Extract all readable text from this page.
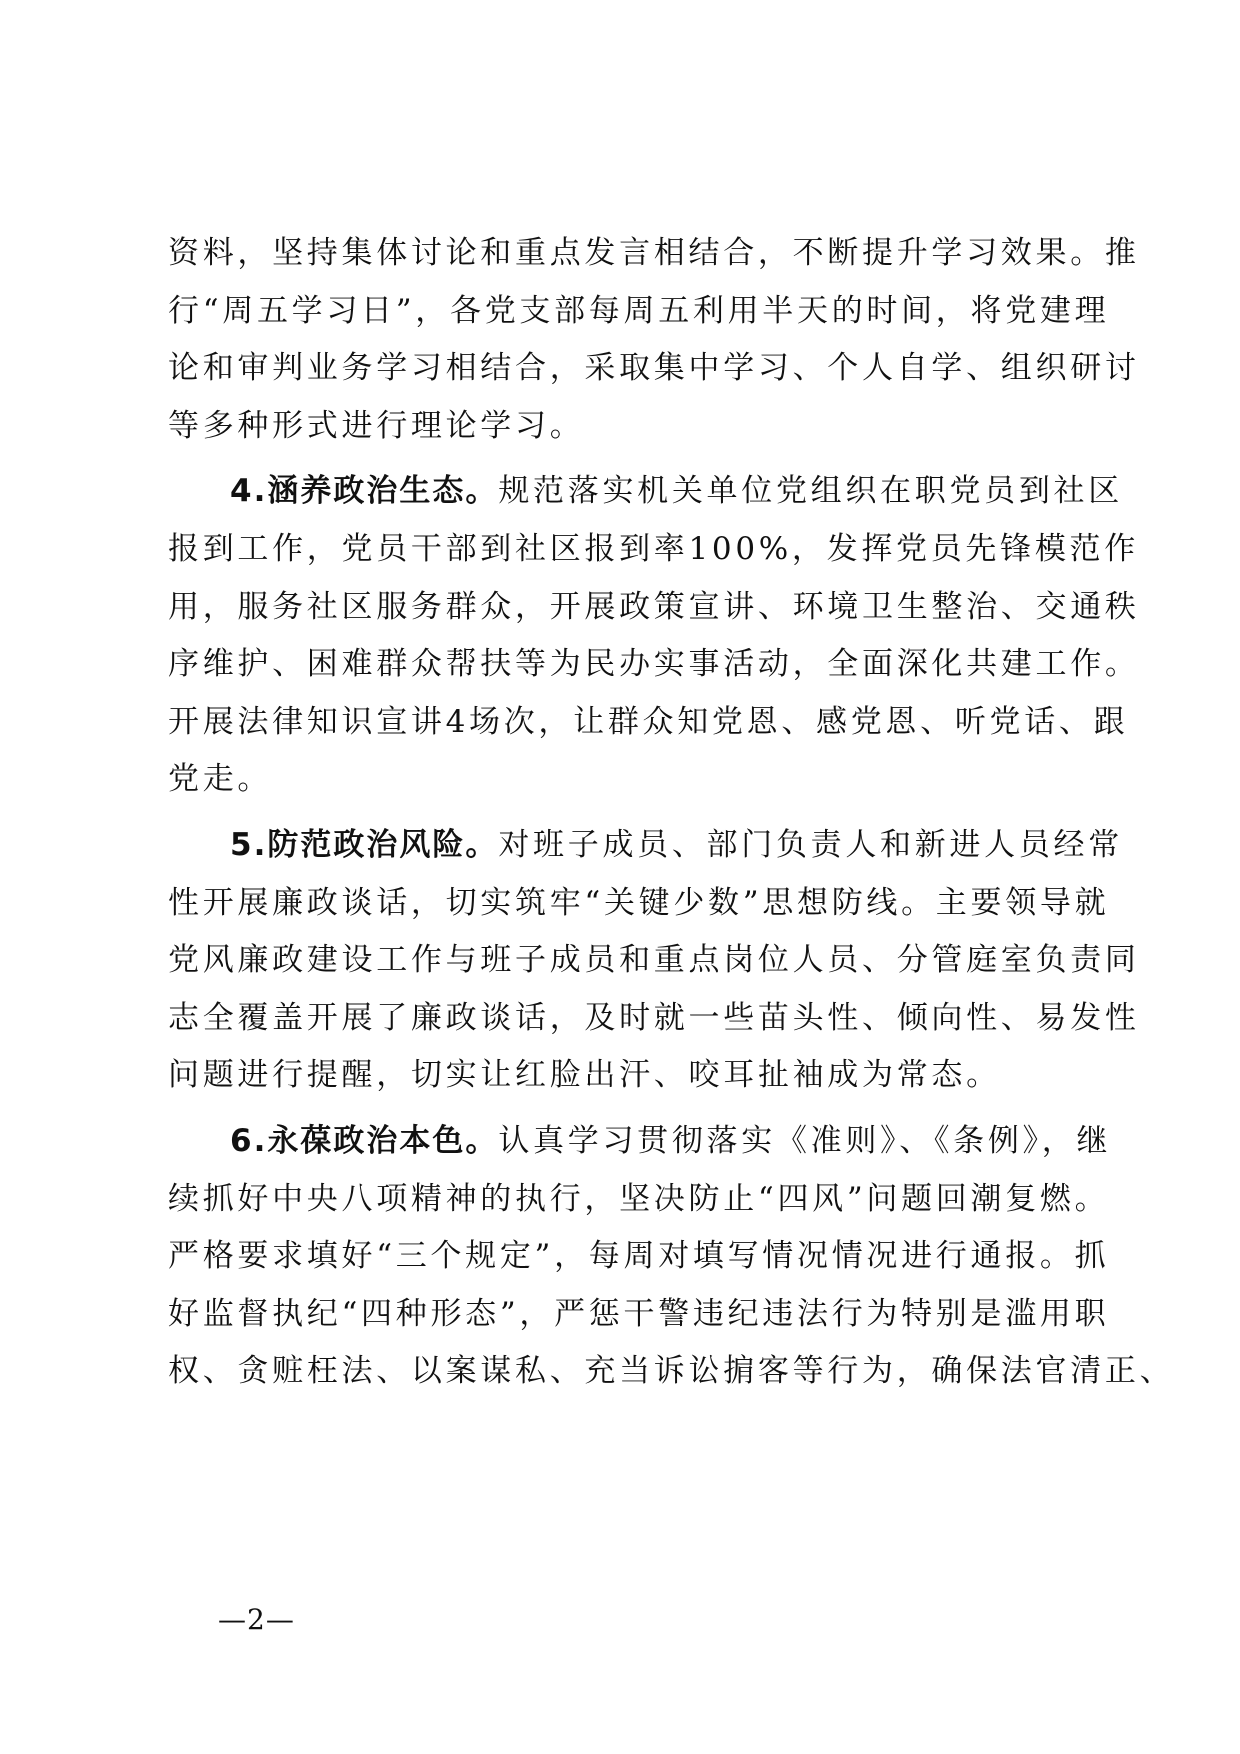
资料，坚持集体讨论和重点发言相结合，不断提升学习效果。推
行“周五学习日”，各党支部每周五利用半天的时间，将党建理
论和审判业务学习相结合，采取集中学习、个人自学、组织研讨
等多种形式进行理论学习。
4.涵养政治生态。规范落实机关单位党组织在职党员到社区
报到工作，党员干部到社区报到率100%，发挥党员先锋模范作
用，服务社区服务群众，开展政策宣讲、环境卫生整治、交通秩
序维护、困难群众帮扶等为民办实事活动，全面深化共建工作。
开展法律知识宣讲4场次，让群众知党恩、感党恩、听党话、跟
党走。
5.防范政治风险。对班子成员、部门负责人和新进人员经常
性开展廉政谈话，切实筑牢“关键少数”思想防线。主要领导就
党风廉政建设工作与班子成员和重点岗位人员、分管庭室负责同
志全覆盖开展了廉政谈话，及时就一些苗头性、倾向性、易发性
问题进行提醒，切实让红脸出汗、咬耳扯袖成为常态。
6.永葆政治本色。认真学习贯彻落实《准则》、《条例》，继
续抓好中央八项精神的执行，坚决防止“四风”问题回潮复燃。
严格要求填好“三个规定”，每周对填写情况情况进行通报。抓
好监督执纪“四种形态”，严惩干警违纪违法行为特别是滥用职
权、贪赃枉法、以案谋私、充当诉讼掮客等行为，确保法官清正、
—2—
